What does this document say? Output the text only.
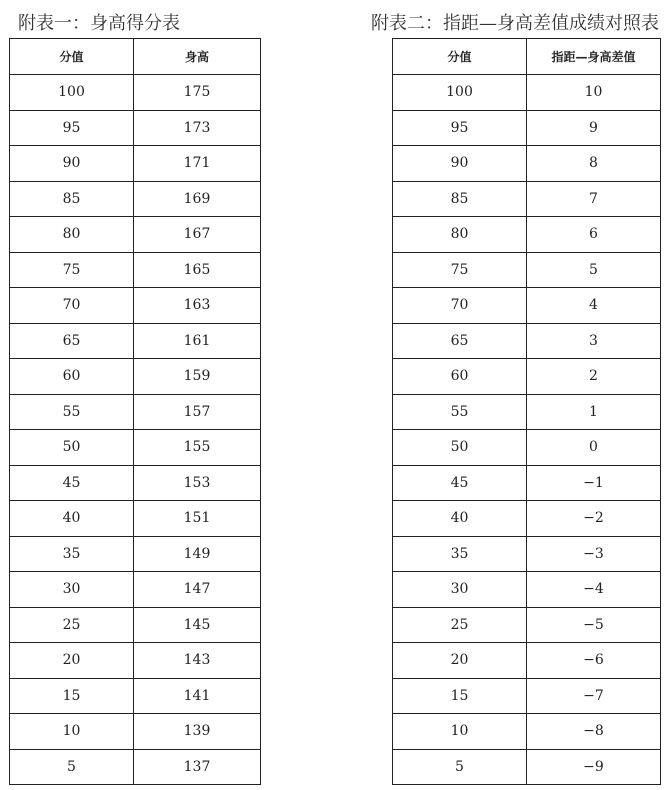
附表一：身高得分表
分值	身高
100	175
95	173
90	171
85	169
80	167
75	165
70	163
65	161
60	159
55	157
50	155
45	153
40	151
35	149
30	147
25	145
20	143
15	141
10	139
5	137
附表二：指距—身高差值成绩对照表
分值	指距—身高差值
100	10
95	9
90	8
85	7
80	6
75	5
70	4
65	3
60	2
55	1
50	0
45	−1
40	−2
35	−3
30	−4
25	−5
20	−6
15	−7
10	−8
5	−9
